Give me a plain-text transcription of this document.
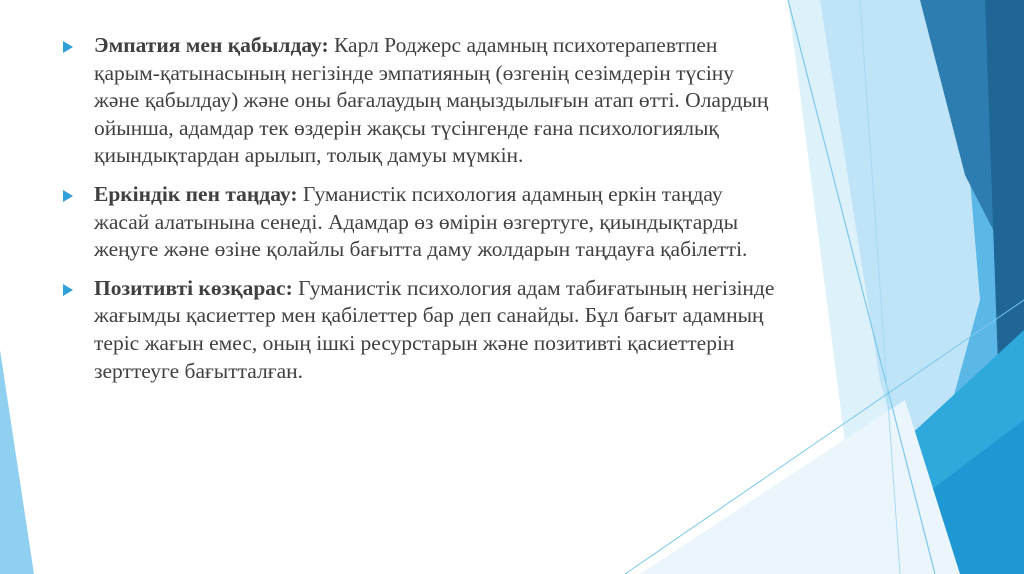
Эмпатия мен қабылдау: Карл Роджерс адамның психотерапевтпен қарым-қатынасының негізінде эмпатияның (өзгенің сезімдерін түсіну және қабылдау) және оны бағалаудың маңыздылығын атап өтті. Олардың ойынша, адамдар тек өздерін жақсы түсінгенде ғана психологиялық қиындықтардан арылып, толық дамуы мүмкін.
Еркіндік пен таңдау: Гуманистік психология адамның еркін таңдау жасай алатынына сенеді. Адамдар өз өмірін өзгертуге, қиындықтарды жеңуге және өзіне қолайлы бағытта даму жолдарын таңдауға қабілетті.
Позитивті көзқарас: Гуманистік психология адам табиғатының негізінде жағымды қасиеттер мен қабілеттер бар деп санайды. Бұл бағыт адамның теріс жағын емес, оның ішкі ресурстарын және позитивті қасиеттерін зерттеуге бағытталған.
